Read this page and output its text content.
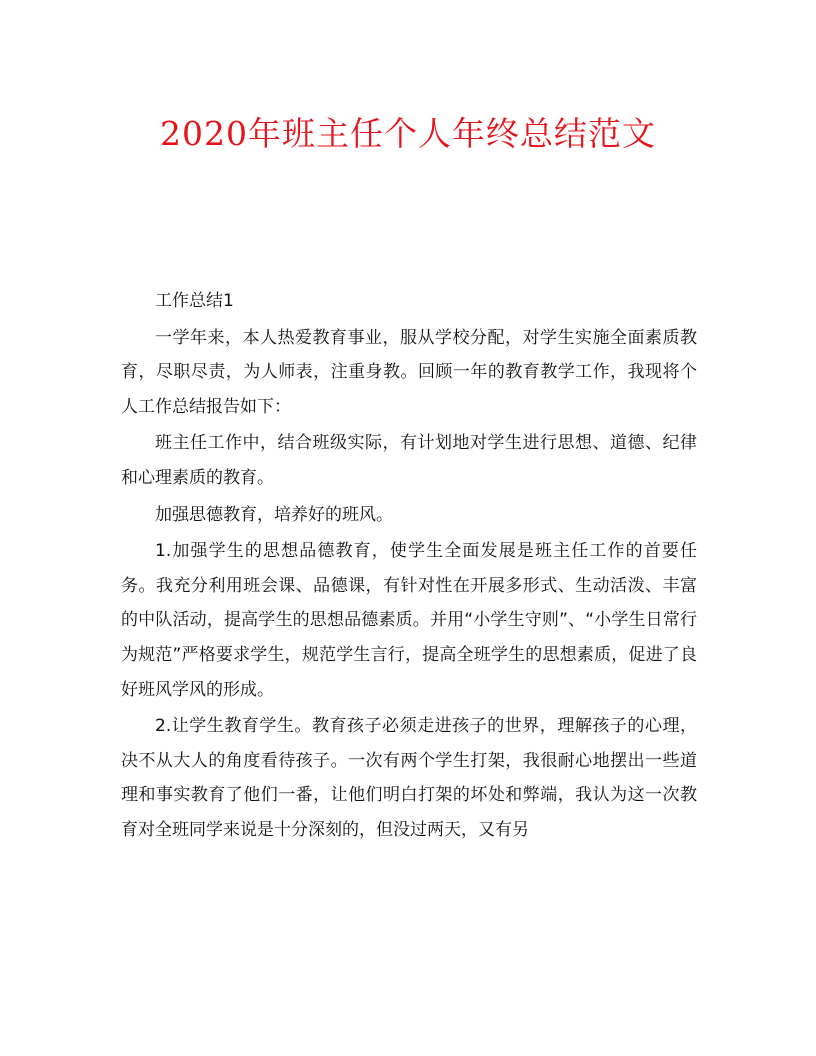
2020年班主任个人年终总结范文

工作总结1

一学年来，本人热爱教育事业，服从学校分配，对学生实施全面素质教育，尽职尽责，为人师表，注重身教。回顾一年的教育教学工作，我现将个人工作总结报告如下：

班主任工作中，结合班级实际，有计划地对学生进行思想、道德、纪律和心理素质的教育。

加强思德教育，培养好的班风。

1.加强学生的思想品德教育，使学生全面发展是班主任工作的首要任务。我充分利用班会课、品德课，有针对性在开展多形式、生动活泼、丰富的中队活动，提高学生的思想品德素质。并用“小学生守则”、“小学生日常行为规范”严格要求学生，规范学生言行，提高全班学生的思想素质，促进了良好班风学风的形成。

2.让学生教育学生。教育孩子必须走进孩子的世界，理解孩子的心理，决不从大人的角度看待孩子。一次有两个学生打架，我很耐心地摆出一些道理和事实教育了他们一番，让他们明白打架的坏处和弊端，我认为这一次教育对全班同学来说是十分深刻的，但没过两天，又有另
